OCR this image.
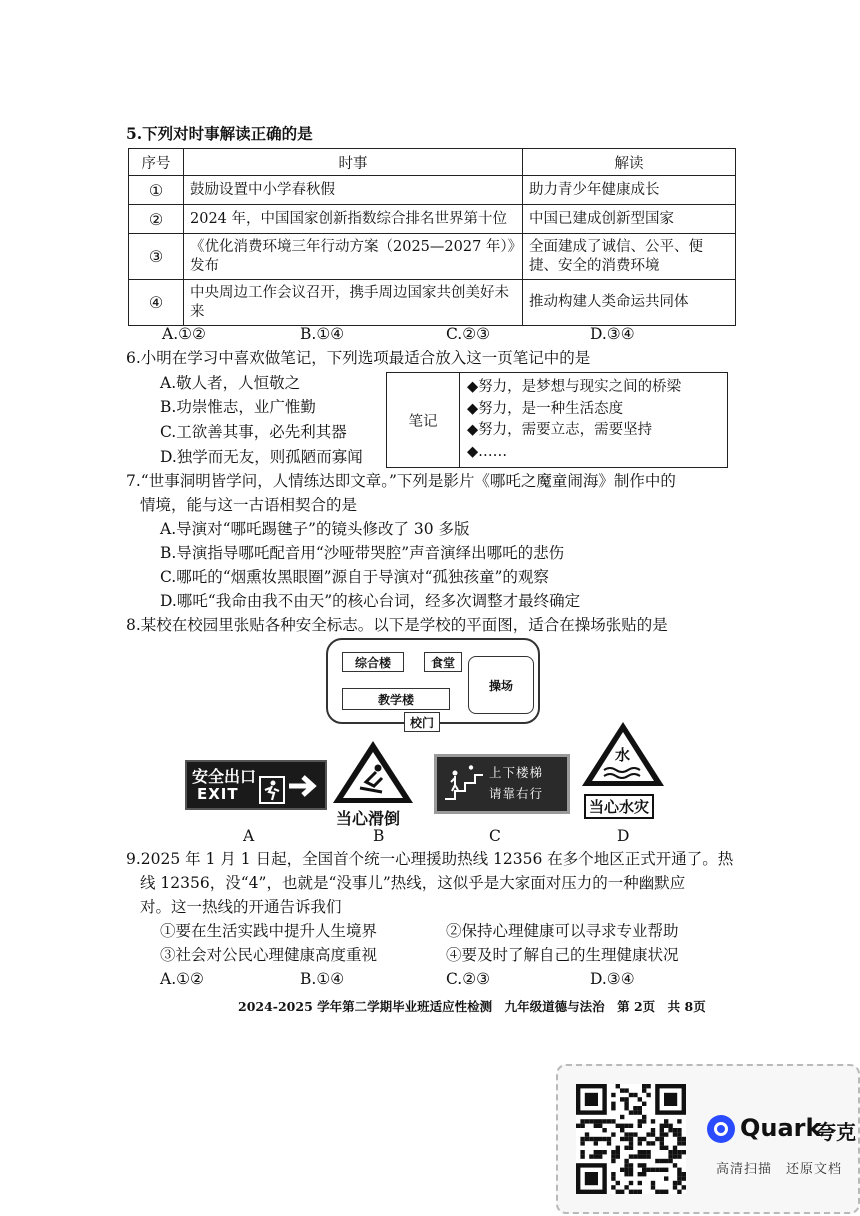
5.下列对时事解读正确的是
序号	时事	解读
①	鼓励设置中小学春秋假	助力青少年健康成长
②	2024 年，中国国家创新指数综合排名世界第十位	中国已建成创新型国家
③	《优化消费环境三年行动方案（2025—2027 年）》发布	全面建成了诚信、公平、便捷、安全的消费环境
④	中央周边工作会议召开，携手周边国家共创美好未来	推动构建人类命运共同体
A.①②	B.①④	C.②③	D.③④
6.小明在学习中喜欢做笔记，下列选项最适合放入这一页笔记中的是
A.敬人者，人恒敬之
B.功崇惟志，业广惟勤
C.工欲善其事，必先利其器
D.独学而无友，则孤陋而寡闻
笔记
◆努力，是梦想与现实之间的桥梁
◆努力，是一种生活态度
◆努力，需要立志，需要坚持
◆……
7.“世事洞明皆学问，人情练达即文章。”下列是影片《哪吒之魔童闹海》制作中的
情境，能与这一古语相契合的是
A.导演对“哪吒踢毽子”的镜头修改了 30 多版
B.导演指导哪吒配音用“沙哑带哭腔”声音演绎出哪吒的悲伤
C.哪吒的“烟熏妆黑眼圈”源自于导演对“孤独孩童”的观察
D.哪吒“我命由我不由天”的核心台词，经多次调整才最终确定
8.某校在校园里张贴各种安全标志。以下是学校的平面图，适合在操场张贴的是
综合楼	食堂
操场
教学楼
校门
安全出口
EXIT
当心滑倒
上下楼梯
请靠右行
水
当心水灾
A	B	C	D
9.2025 年 1 月 1 日起，全国首个统一心理援助热线 12356 在多个地区正式开通了。热
线 12356，没“4”，也就是“没事儿”热线，这似乎是大家面对压力的一种幽默应
对。这一热线的开通告诉我们
①要在生活实践中提升人生境界	②保持心理健康可以寻求专业帮助
③社会对公民心理健康高度重视	④要及时了解自己的生理健康状况
A.①②	B.①④	C.②③	D.③④
2024-2025 学年第二学期毕业班适应性检测　九年级道德与法治　第 2页　共 8页
Quark
夸克
高清扫描　还原文档
